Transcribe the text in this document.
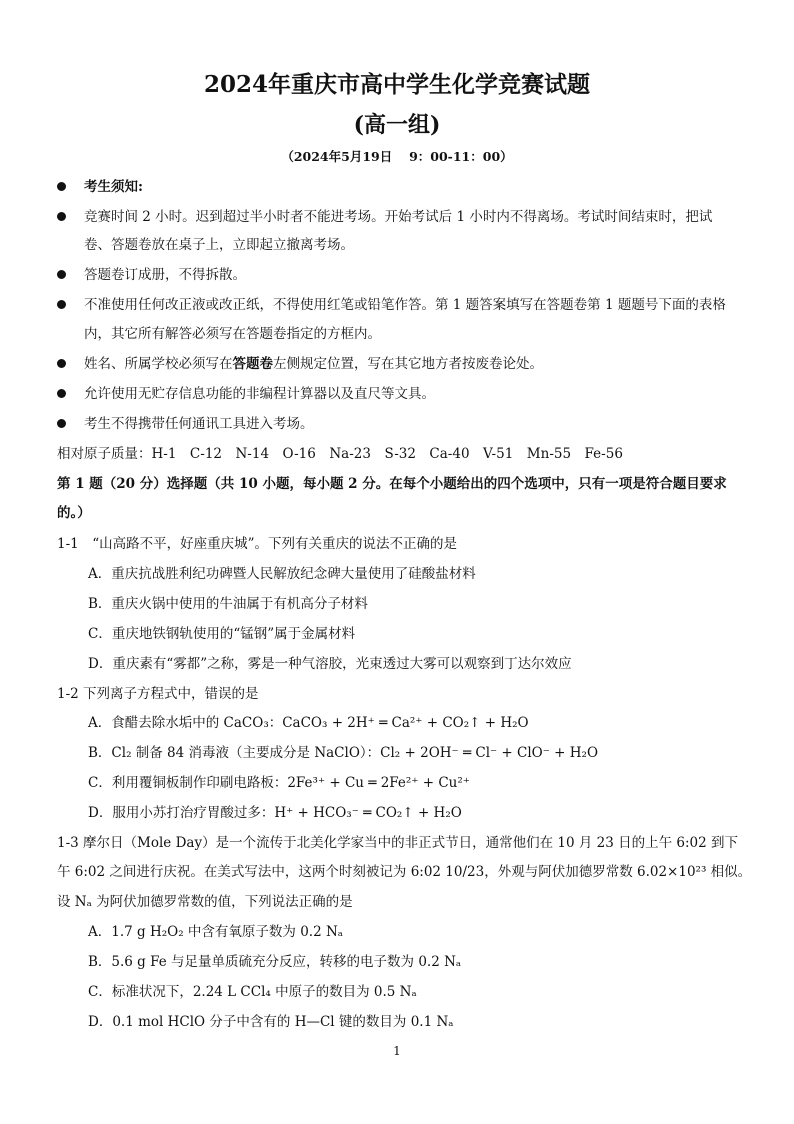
2024年重庆市高中学生化学竞赛试题
(高一组)
（2024年5月19日　 9：00-11：00）
考生须知:
竞赛时间 2 小时。迟到超过半小时者不能进考场。开始考试后 1 小时内不得离场。考试时间结束时，把试
卷、答题卷放在桌子上，立即起立撤离考场。
答题卷订成册，不得拆散。
不准使用任何改正液或改正纸，不得使用红笔或铅笔作答。第 1 题答案填写在答题卷第 1 题题号下面的表格
内，其它所有解答必须写在答题卷指定的方框内。
姓名、所属学校必须写在答题卷左侧规定位置，写在其它地方者按废卷论处。
允许使用无贮存信息功能的非编程计算器以及直尺等文具。
考生不得携带任何通讯工具进入考场。
相对原子质量：H-1　C-12　N-14　O-16　Na-23　S-32　Ca-40　V-51　Mn-55　Fe-56
第 1 题（20 分）选择题（共 10 小题，每小题 2 分。在每个小题给出的四个选项中，只有一项是符合题目要求
的。）
1-1　“山高路不平，好座重庆城”。下列有关重庆的说法不正确的是
A．重庆抗战胜利纪功碑暨人民解放纪念碑大量使用了硅酸盐材料
B．重庆火锅中使用的牛油属于有机高分子材料
C．重庆地铁钢轨使用的“锰钢”属于金属材料
D．重庆素有“雾都”之称，雾是一种气溶胶，光束透过大雾可以观察到丁达尔效应
1-2 下列离子方程式中，错误的是
A．食醋去除水垢中的 CaCO₃：CaCO₃ + 2H⁺ ═ Ca²⁺ + CO₂↑ + H₂O
B．Cl₂ 制备 84 消毒液（主要成分是 NaClO）：Cl₂ + 2OH⁻ ═ Cl⁻ + ClO⁻ + H₂O
C．利用覆铜板制作印刷电路板：2Fe³⁺ + Cu ═ 2Fe²⁺ + Cu²⁺
D．服用小苏打治疗胃酸过多：H⁺ + HCO₃⁻ ═ CO₂↑ + H₂O
1-3 摩尔日（Mole Day）是一个流传于北美化学家当中的非正式节日，通常他们在 10 月 23 日的上午 6:02 到下
午 6:02 之间进行庆祝。在美式写法中，这两个时刻被记为 6:02 10/23，外观与阿伏加德罗常数 6.02×10²³ 相似。
设 Nₐ 为阿伏加德罗常数的值，下列说法正确的是
A．1.7 g H₂O₂ 中含有氧原子数为 0.2 Nₐ
B．5.6 g Fe 与足量单质硫充分反应，转移的电子数为 0.2 Nₐ
C．标准状况下，2.24 L CCl₄ 中原子的数目为 0.5 Nₐ
D．0.1 mol HClO 分子中含有的 H—Cl 键的数目为 0.1 Nₐ
1
